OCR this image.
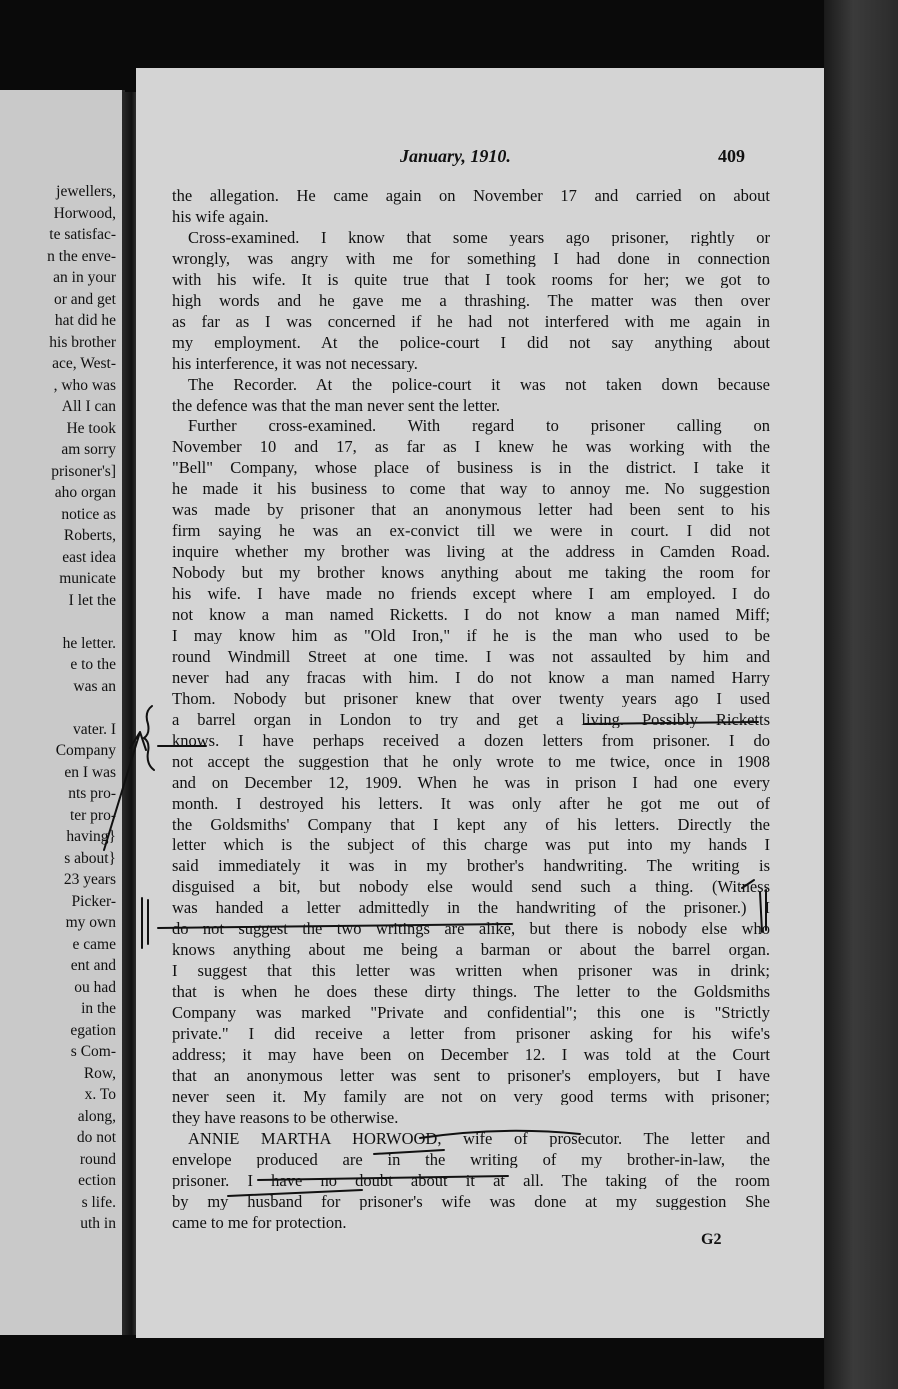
jewellers,
Horwood,
te satisfac-
n the enve-
an in your
or and get
hat did he
his brother
ace, West-
, who was
All I can
He took
am sorry
prisoner's]
aho organ
notice as
Roberts,
east idea
municate
I let the
he letter.
e to the
was an
vater. I
Company
en I was
nts pro-
ter pro-
having}
s about}
23 years
Picker-
my own
e came
ent and
ou had
in the
egation
s Com-
Row,
x. To
along,
do not
round
ection
s life.
uth in
January, 1910.	409
the allegation. He came again on November 17 and carried on about
his wife again.
Cross-examined. I know that some years ago prisoner, rightly or
wrongly, was angry with me for something I had done in connection
with his wife. It is quite true that I took rooms for her; we got to
high words and he gave me a thrashing. The matter was then over
as far as I was concerned if he had not interfered with me again in
my employment. At the police-court I did not say anything about
his interference, it was not necessary.
The Recorder. At the police-court it was not taken down because
the defence was that the man never sent the letter.
Further cross-examined. With regard to prisoner calling on
November 10 and 17, as far as I knew he was working with the
"Bell" Company, whose place of business is in the district. I take it
he made it his business to come that way to annoy me. No suggestion
was made by prisoner that an anonymous letter had been sent to his
firm saying he was an ex-convict till we were in court. I did not
inquire whether my brother was living at the address in Camden Road.
Nobody but my brother knows anything about me taking the room for
his wife. I have made no friends except where I am employed. I do
not know a man named Ricketts. I do not know a man named Miff;
I may know him as "Old Iron," if he is the man who used to be
round Windmill Street at one time. I was not assaulted by him and
never had any fracas with him. I do not know a man named Harry
Thom. Nobody but prisoner knew that over twenty years ago I used
a barrel organ in London to try and get a living. Possibly Ricketts
knows. I have perhaps received a dozen letters from prisoner. I do
not accept the suggestion that he only wrote to me twice, once in 1908
and on December 12, 1909. When he was in prison I had one every
month. I destroyed his letters. It was only after he got me out of
the Goldsmiths' Company that I kept any of his letters. Directly the
letter which is the subject of this charge was put into my hands I
said immediately it was in my brother's handwriting. The writing is
disguised a bit, but nobody else would send such a thing. (Witness
was handed a letter admittedly in the handwriting of the prisoner.) I
do not suggest the two writings are alike, but there is nobody else who
knows anything about me being a barman or about the barrel organ.
I suggest that this letter was written when prisoner was in drink;
that is when he does these dirty things. The letter to the Goldsmiths
Company was marked "Private and confidential"; this one is "Strictly
private." I did receive a letter from prisoner asking for his wife's
address; it may have been on December 12. I was told at the Court
that an anonymous letter was sent to prisoner's employers, but I have
never seen it. My family are not on very good terms with prisoner;
they have reasons to be otherwise.
ANNIE MARTHA HORWOOD, wife of prosecutor. The letter and
envelope produced are in the writing of my brother-in-law, the
prisoner. I have no doubt about it at all. The taking of the room
by my husband for prisoner's wife was done at my suggestion She
came to me for protection.
G2
